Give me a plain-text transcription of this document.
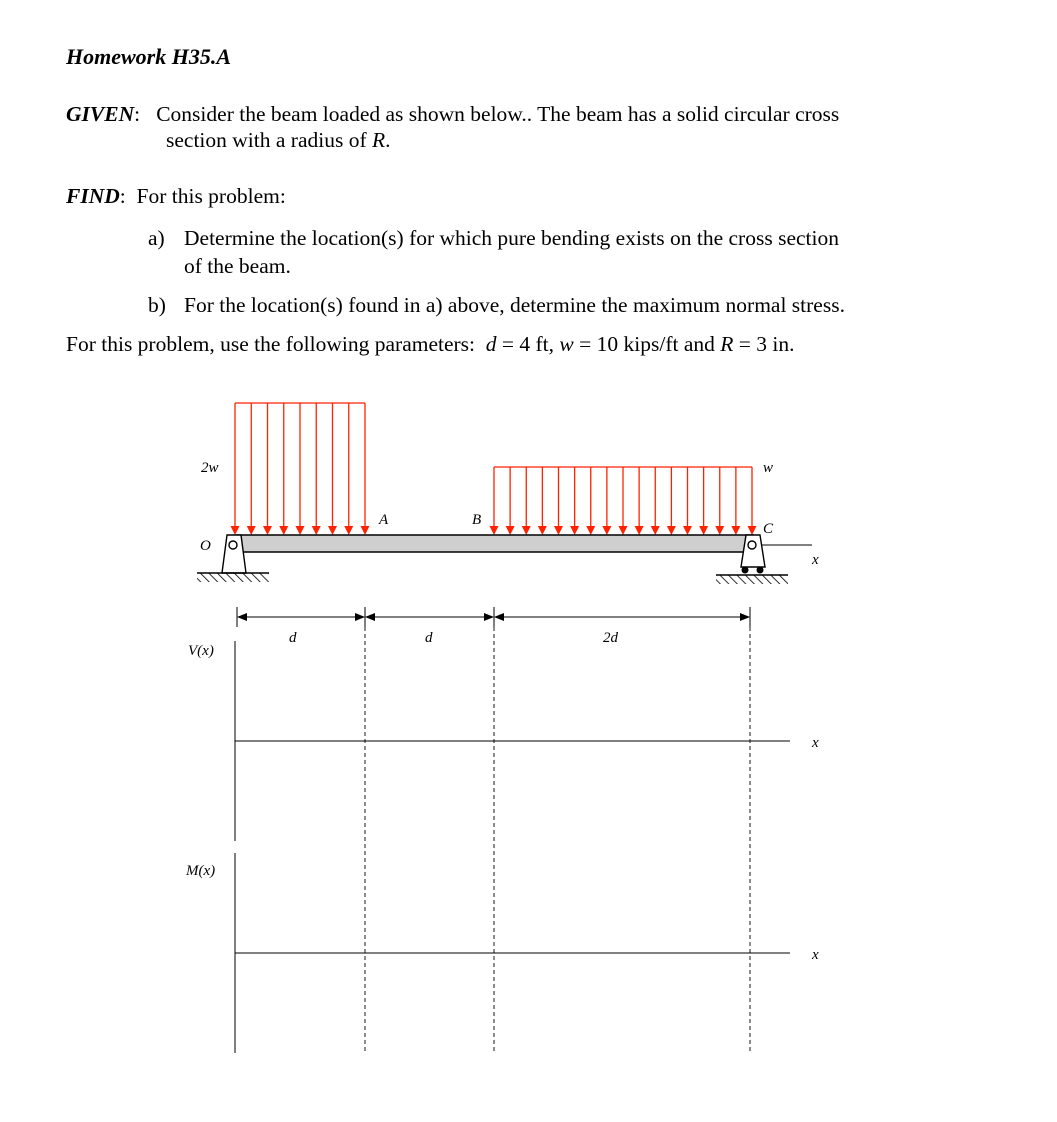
Homework H35.A
GIVEN:   Consider the beam loaded as shown below.. The beam has a solid circular cross
section with a radius of R.
FIND:  For this problem:
a) Determine the location(s) for which pure bending exists on the cross section
of the beam.
b) For the location(s) found in a) above, determine the maximum normal stress.
For this problem, use the following parameters: d = 4 ft, w = 10 kips/ft and R = 3 in.
2w	w
O
A	B
C
x
d	d	2d
V(x)
x
M(x)
x
